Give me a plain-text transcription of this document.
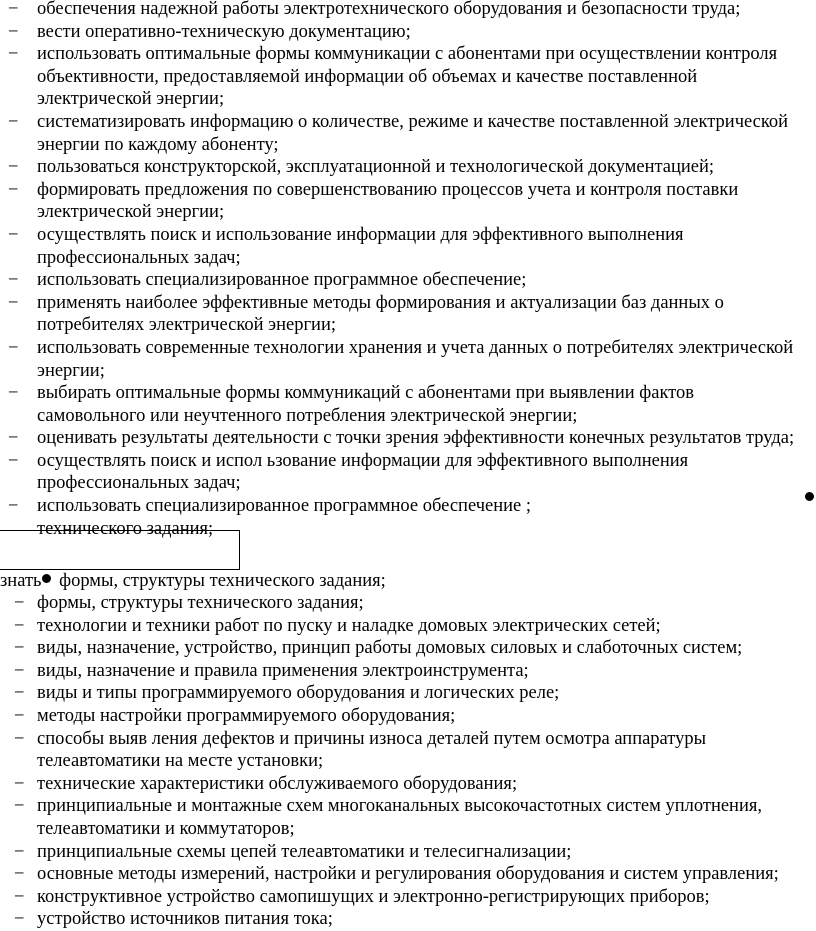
−	обеспечения надежной работы электротехнического оборудования и безопасности труда;
−	вести оперативно-техническую документацию;
−	использовать оптимальные формы коммуникации с абонентами при осуществлении контроля
объективности, предоставляемой информации об объемах и качестве поставленной
электрической энергии;
−	систематизировать информацию о количестве, режиме и качестве поставленной электрической
энергии по каждому абоненту;
−	пользоваться конструкторской, эксплуатационной и технологической документацией;
−	формировать предложения по совершенствованию процессов учета и контроля поставки
электрической энергии;
−	осуществлять поиск и использование информации для эффективного выполнения
профессиональных задач;
−	использовать специализированное программное обеспечение;
−	применять наиболее эффективные методы формирования и актуализации баз данных о
потребителях электрической энергии;
−	использовать современные технологии хранения и учета данных о потребителях электрической
энергии;
−	выбирать оптимальные формы коммуникаций с абонентами при выявлении фактов
самовольного или неучтенного потребления электрической энергии;
−	оценивать результаты деятельности с точки зрения эффективности конечных результатов труда;
−	осуществлять поиск и испол ьзование информации для эффективного выполнения
профессиональных задач;
−	использовать специализированное программное обеспечение ;
технического задания;
знать формы, структуры технического задания;
− формы, структуры технического задания;
− технологии и техники работ по пуску и наладке домовых электрических сетей;
− виды, назначение, устройство, принцип работы домовых силовых и слаботочных систем;
− виды, назначение и правила применения электроинструмента;
− виды и типы программируемого оборудования и логических реле;
− методы настройки программируемого оборудования;
− способы выяв ления дефектов и причины износа деталей путем осмотра аппаратуры
телеавтоматики на месте установки;
− технические характеристики обслуживаемого оборудования;
− принципиальные и монтажные схем многоканальных высокочастотных систем уплотнения,
телеавтоматики и коммутаторов;
− принципиальные схемы цепей телеавтоматики и телесигнализации;
− основные методы измерений, настройки и регулирования оборудования и систем управления;
− конструктивное устройство самопишущих и электронно-регистрирующих приборов;
− устройство источников питания тока;
